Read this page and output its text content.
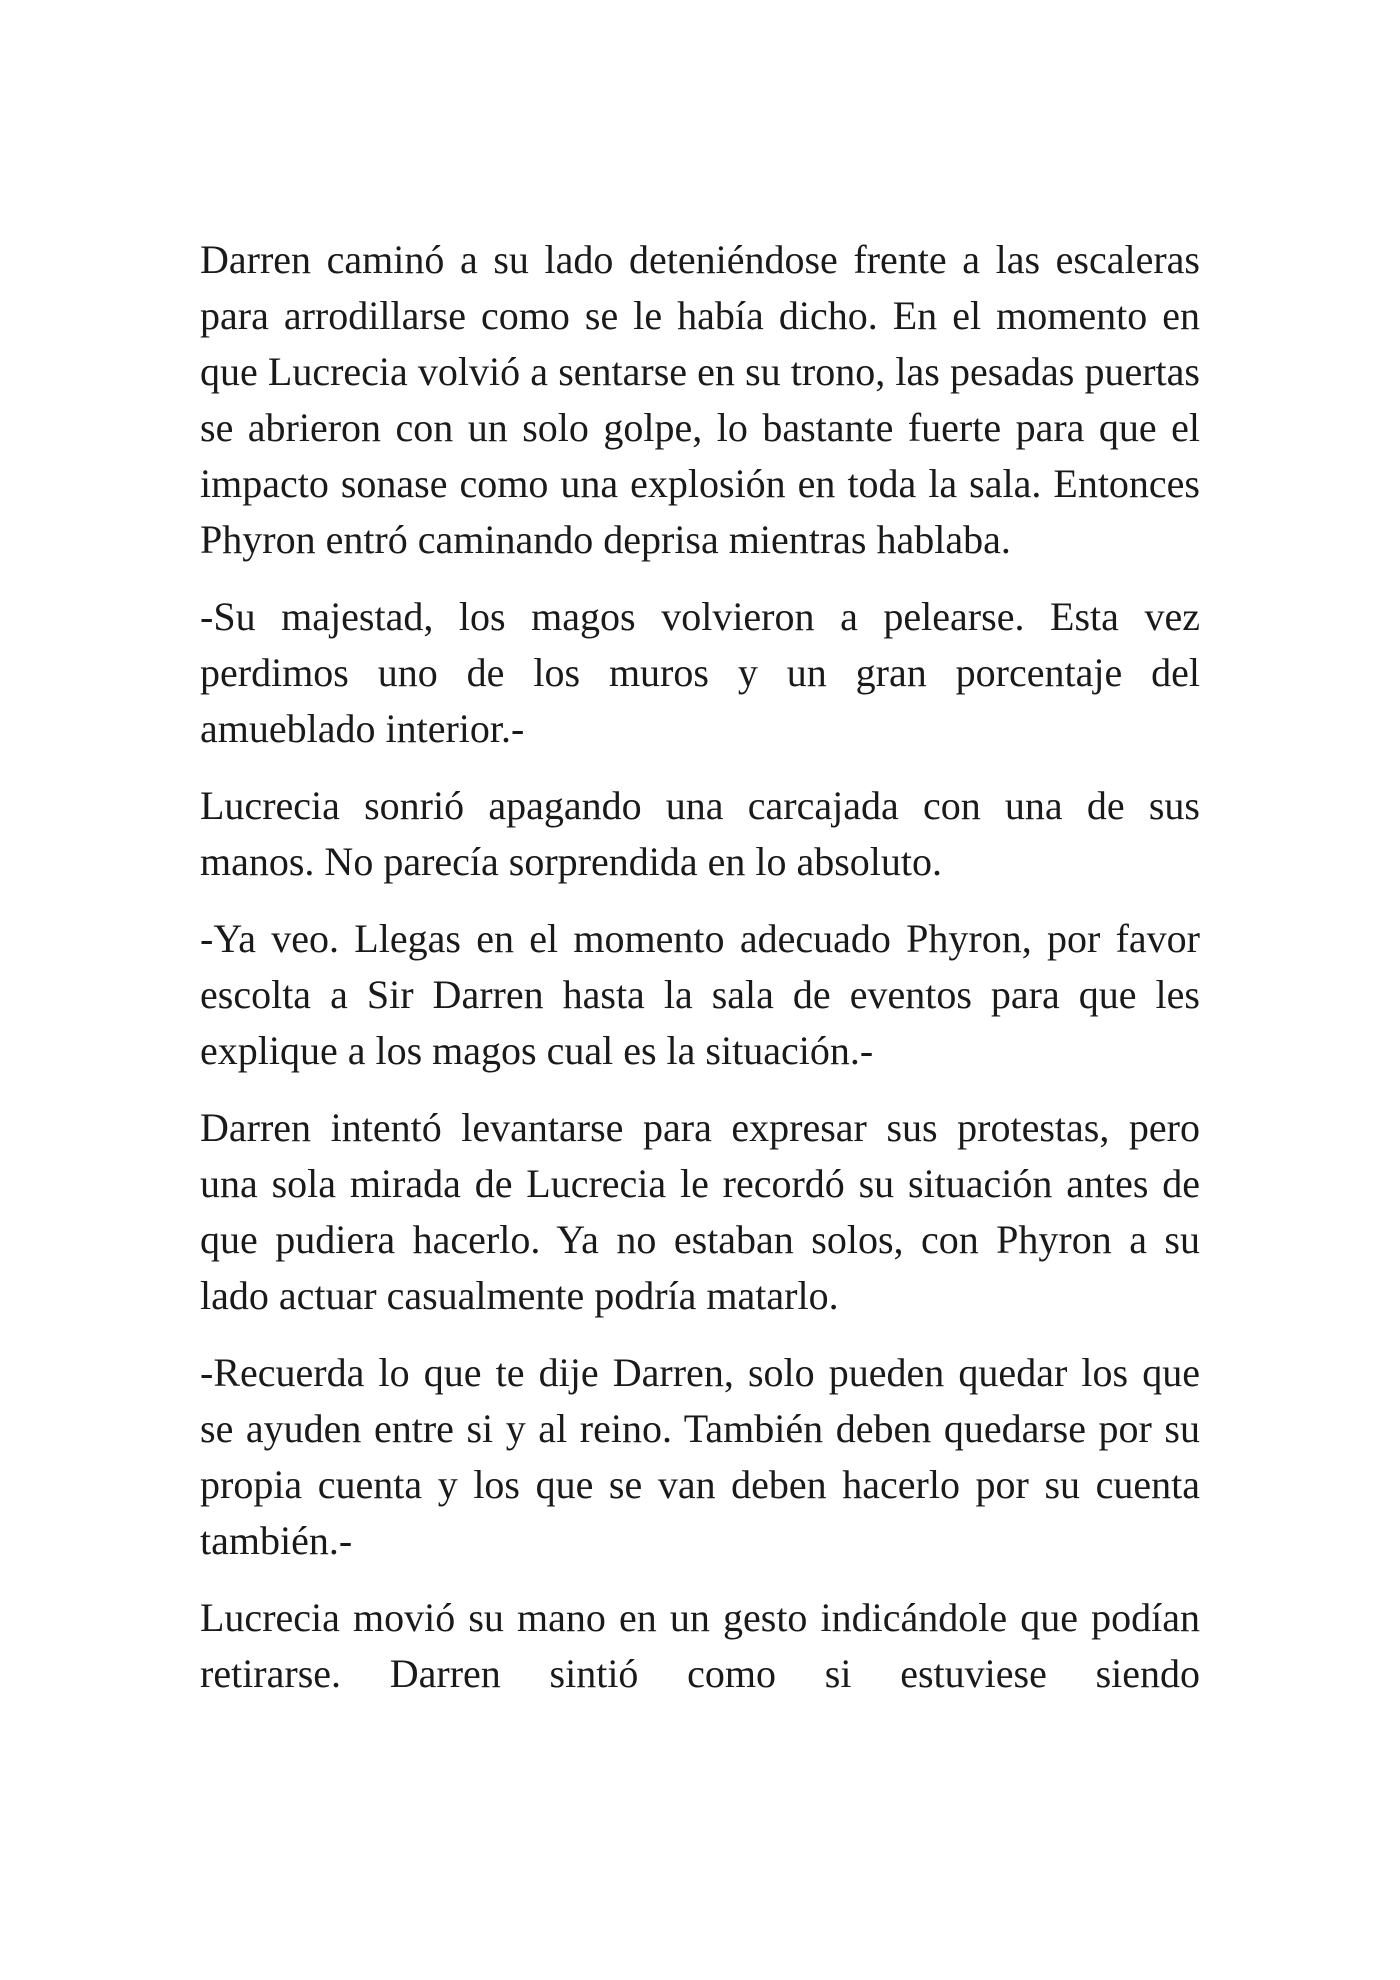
Darren caminó a su lado deteniéndose frente a las escaleras para arrodillarse como se le había dicho. En el momento en que Lucrecia volvió a sentarse en su trono, las pesadas puertas se abrieron con un solo golpe, lo bastante fuerte para que el impacto sonase como una explosión en toda la sala. Entonces Phyron entró caminando deprisa mientras hablaba.

-Su majestad, los magos volvieron a pelearse. Esta vez perdimos uno de los muros y un gran porcentaje del amueblado interior.-

Lucrecia sonrió apagando una carcajada con una de sus manos. No parecía sorprendida en lo absoluto.

-Ya veo. Llegas en el momento adecuado Phyron, por favor escolta a Sir Darren hasta la sala de eventos para que les explique a los magos cual es la situación.-

Darren intentó levantarse para expresar sus protestas, pero una sola mirada de Lucrecia le recordó su situación antes de que pudiera hacerlo. Ya no estaban solos, con Phyron a su lado actuar casualmente podría matarlo.

-Recuerda lo que te dije Darren, solo pueden quedar los que se ayuden entre si y al reino. También deben quedarse por su propia cuenta y los que se van deben hacerlo por su cuenta también.-

Lucrecia movió su mano en un gesto indicándole que podían retirarse. Darren sintió como si estuviese siendo
